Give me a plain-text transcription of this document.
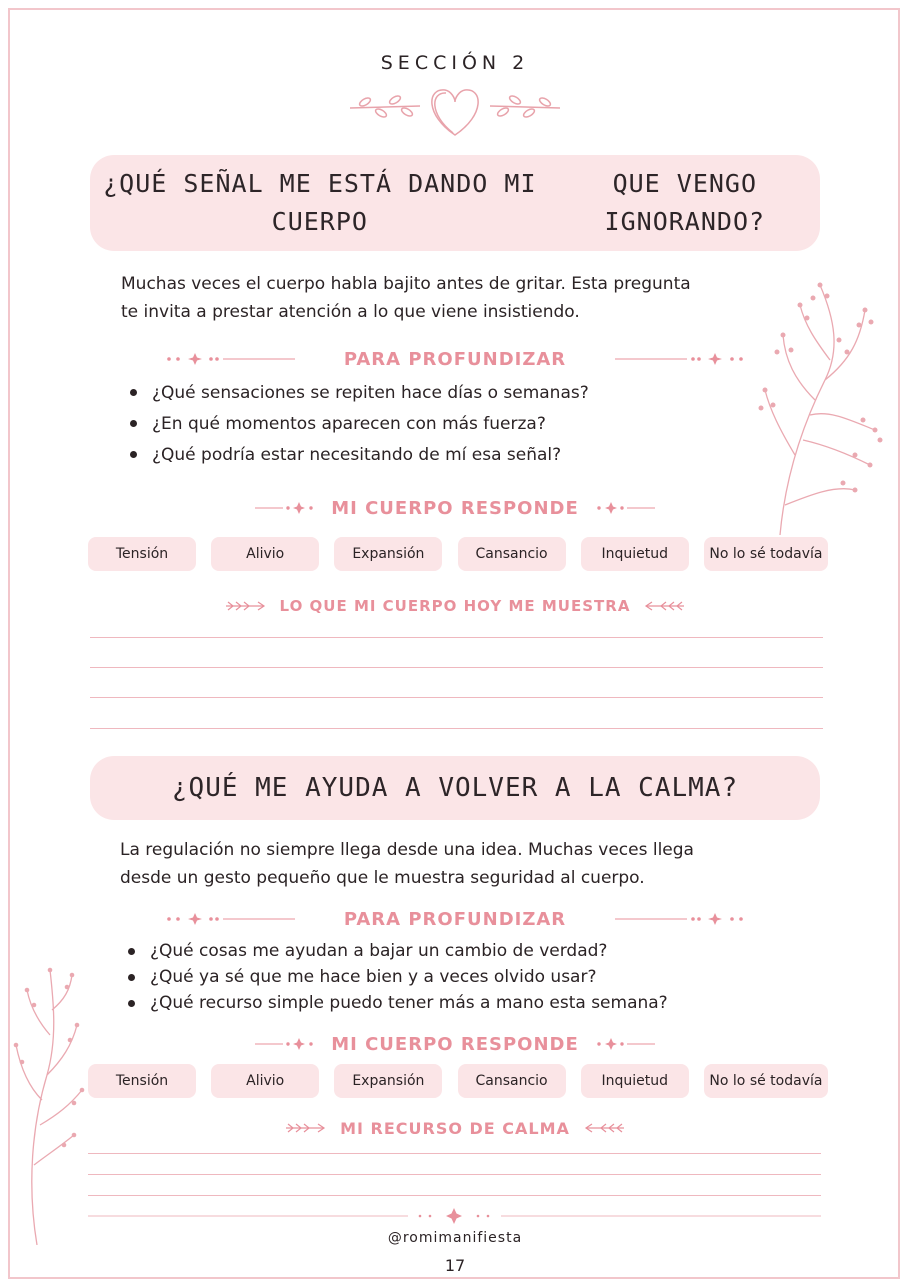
SECCIÓN 2
¿QUÉ SEÑAL ME ESTÁ DANDO MI CUERPO
QUE VENGO IGNORANDO?
Muchas veces el cuerpo habla bajito antes de gritar. Esta pregunta
te invita a prestar atención a lo que viene insistiendo.
PARA PROFUNDIZAR
¿Qué sensaciones se repiten hace días o semanas?
¿En qué momentos aparecen con más fuerza?
¿Qué podría estar necesitando de mí esa señal?
MI CUERPO RESPONDE
Tensión	Alivio	Expansión	Cansancio	Inquietud	No lo sé todavía
LO QUE MI CUERPO HOY ME MUESTRA
¿QUÉ ME AYUDA A VOLVER A LA CALMA?
La regulación no siempre llega desde una idea. Muchas veces llega
desde un gesto pequeño que le muestra seguridad al cuerpo.
PARA PROFUNDIZAR
¿Qué cosas me ayudan a bajar un cambio de verdad?
¿Qué ya sé que me hace bien y a veces olvido usar?
¿Qué recurso simple puedo tener más a mano esta semana?
MI CUERPO RESPONDE
Tensión	Alivio	Expansión	Cansancio	Inquietud	No lo sé todavía
MI RECURSO DE CALMA
@romimanifiesta
17
